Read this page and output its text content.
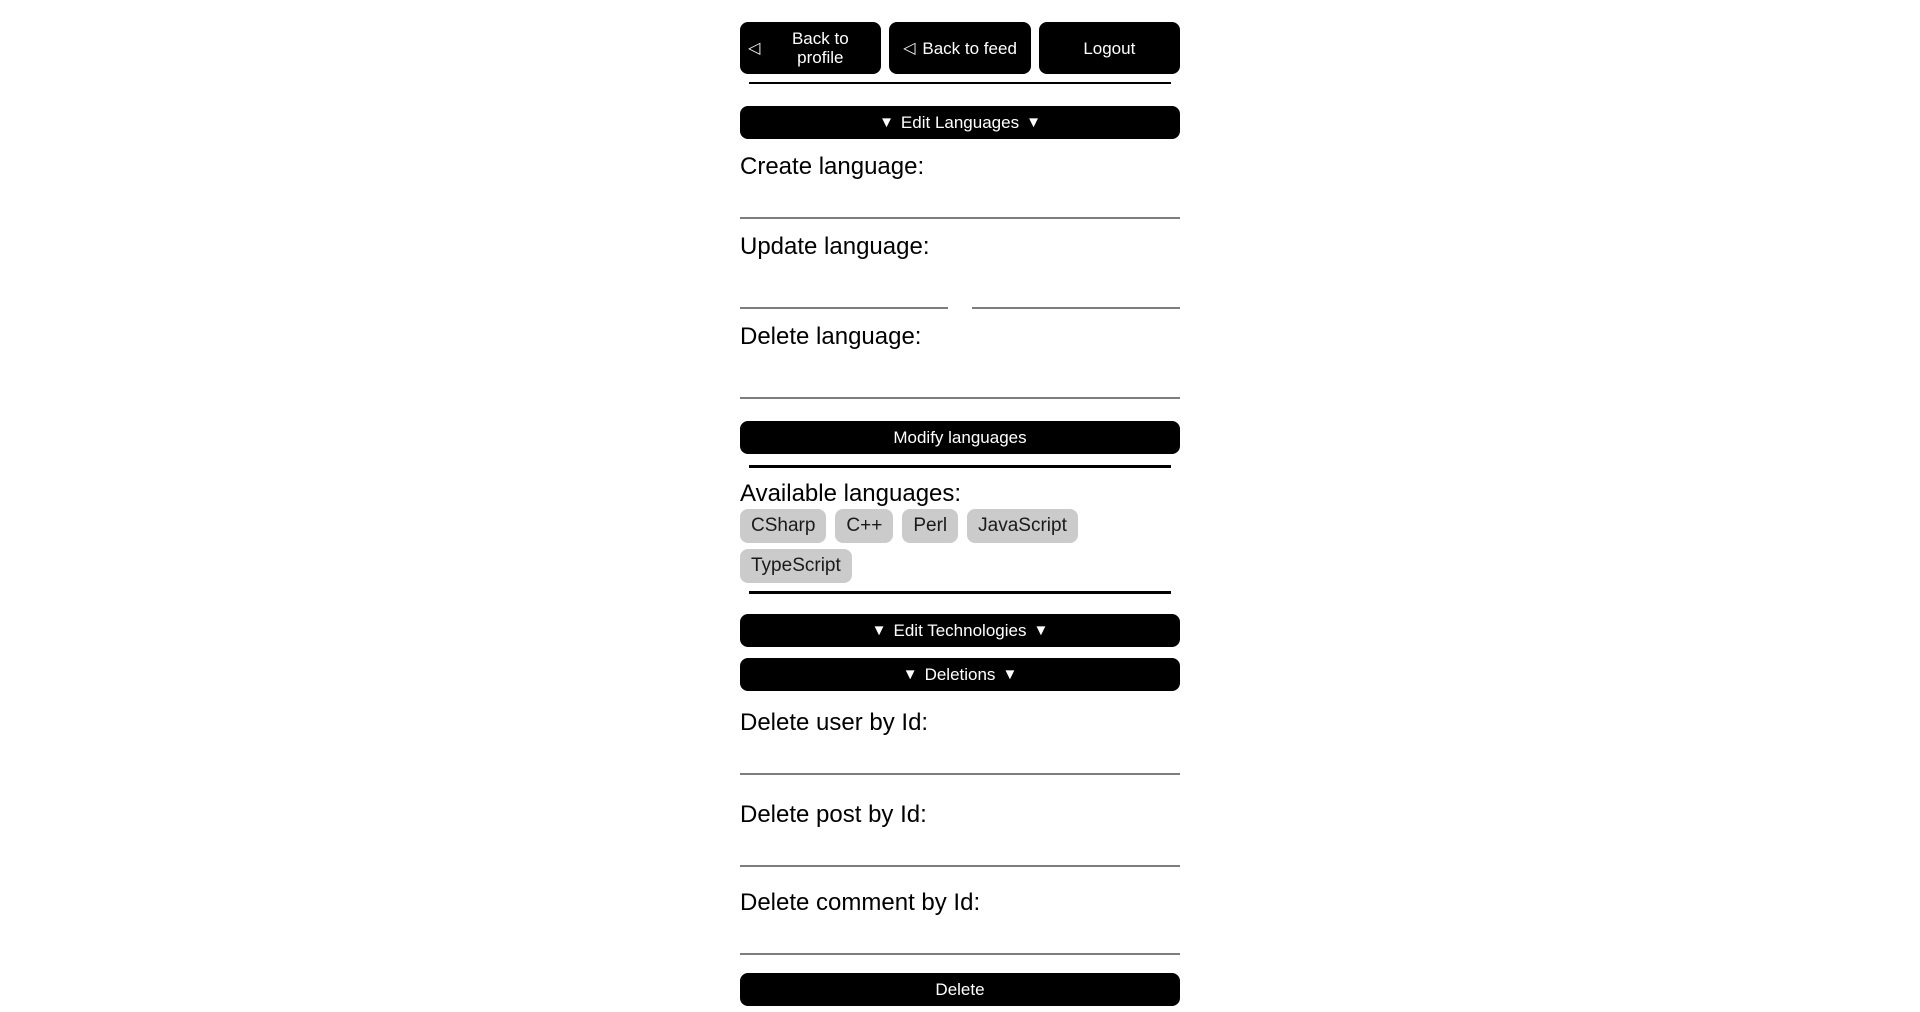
◁	Back to profile	◁ Back to feed	Logout
▼ Edit Languages ▼
Create language:
Update language:
Delete language:
Modify languages
Available languages:
CSharp	C++	Perl	JavaScript
TypeScript
▼ Edit Technologies ▼
▼ Deletions ▼
Delete user by Id:
Delete post by Id:
Delete comment by Id:
Delete
